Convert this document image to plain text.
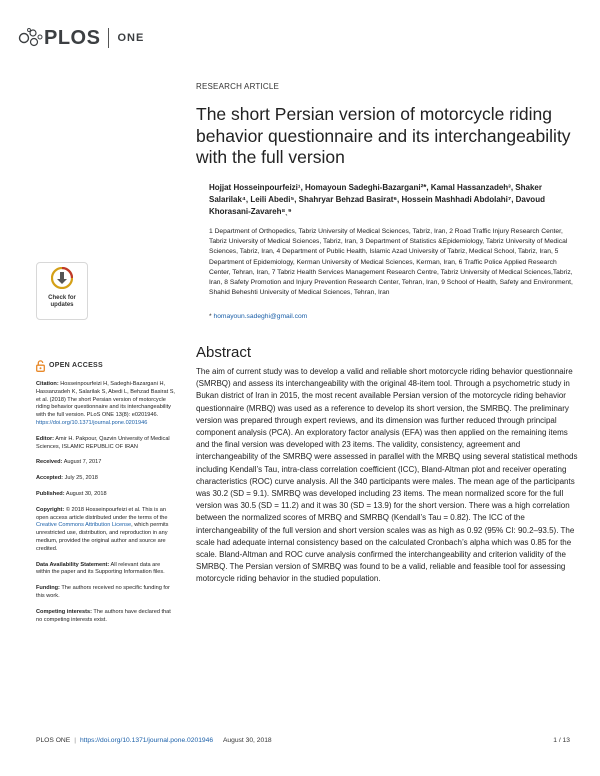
PLOS ONE
Check for
updates
RESEARCH ARTICLE
The short Persian version of motorcycle riding behavior questionnaire and its interchangeability with the full version
Hojjat Hosseinpourfeizi¹, Homayoun Sadeghi-Bazargani²*, Kamal Hassanzadeh³, Shaker Salarilak⁴, Leili Abedi⁵, Shahryar Behzad Basirat⁶, Hossein Mashhadi Abdolahi⁷, Davoud Khorasani-Zavareh⁸ˎ⁹
1 Department of Orthopedics, Tabriz University of Medical Sciences, Tabriz, Iran, 2 Road Traffic Injury Research Center, Tabriz University of Medical Sciences, Tabriz, Iran, 3 Department of Statistics &Epidemiology, Tabriz University of Medical Sciences, Tabriz, Iran, 4 Department of Public Health, Islamic Azad University of Tabriz, Medical School, Tabriz, Iran, 5 Department of Epidemiology, Kerman University of Medical Sciences, Kerman, Iran, 6 Traffic Police Applied Research Center, Tehran, Iran, 7 Tabriz Health Services Management Research Centre, Tabriz University of Medical Sciences,Tabriz, Iran, 8 Safety Promotion and Injury Prevention Research Center, Tehran, Iran, 9 School of Health, Safety and Environment, Shahid Beheshti University of Medical Sciences, Tehran, Iran
* homayoun.sadeghi@gmail.com
Abstract
The aim of current study was to develop a valid and reliable short motorcycle riding behavior questionnaire (SMRBQ) and assess its interchangeability with the original 48-item tool. Through a psychometric study in Bukan district of Iran in 2015, the most recent available Persian version of the motorcycle riding behavior questionnaire (MRBQ) was used as a reference to develop its short version, the SMRBQ. The preliminary version was prepared through expert reviews, and its dimension was further reduced through principal component analysis (PCA). An exploratory factor analysis (EFA) was then applied on the remaining items and the final version was developed with 23 items. The validity, consistency, agreement and interchangeability of the SMRBQ were assessed in parallel with the MRBQ using several statistical methods including Kendall’s Tau, intra-class correlation coefficient (ICC), Bland-Altman plot and receiver operating characteristics (ROC) curve analysis. All the 340 participants were males. The mean age of the participants was 30.2 (SD = 9.1). SMRBQ was developed including 23 items. The mean normalized score for the full version was 30.5 (SD = 11.2) and it was 30 (SD = 13.9) for the short version. There was a high correlation between the normalized scores of MRBQ and SMRBQ (Kendall’s Tau = 0.82). The ICC of the interchangeability of the full version and short version scales was as high as 0.92 (95% CI: 90.2–93.5). The scale had adequate internal consistency based on the calculated Cronbach’s alpha which was 0.85 for the scale. Bland-Altman and ROC curve analysis confirmed the interchangeability and criterion validity of the SMRBQ. The Persian version of SMRBQ was found to be a valid, reliable and feasible tool for assessing motorcycle riding behavior in the studied population.
OPEN ACCESS
Citation: Hosseinpourfeizi H, Sadeghi-Bazargani H, Hassanzadeh K, Salarilak S, Abedi L, Behzad Basirat S, et al. (2018) The short Persian version of motorcycle riding behavior questionnaire and its interchangeability with the full version. PLoS ONE 13(8): e0201946. https://doi.org/10.1371/journal.pone.0201946
Editor: Amir H. Pakpour, Qazvin University of Medical Sciences, ISLAMIC REPUBLIC OF IRAN
Received: August 7, 2017
Accepted: July 25, 2018
Published: August 30, 2018
Copyright: © 2018 Hosseinpourfeizi et al. This is an open access article distributed under the terms of the Creative Commons Attribution License, which permits unrestricted use, distribution, and reproduction in any medium, provided the original author and source are credited.
Data Availability Statement: All relevant data are within the paper and its Supporting Information files.
Funding: The authors received no specific funding for this work.
Competing interests: The authors have declared that no competing interests exist.
PLOS ONE | https://doi.org/10.1371/journal.pone.0201946
August 30, 2018	1 / 13
